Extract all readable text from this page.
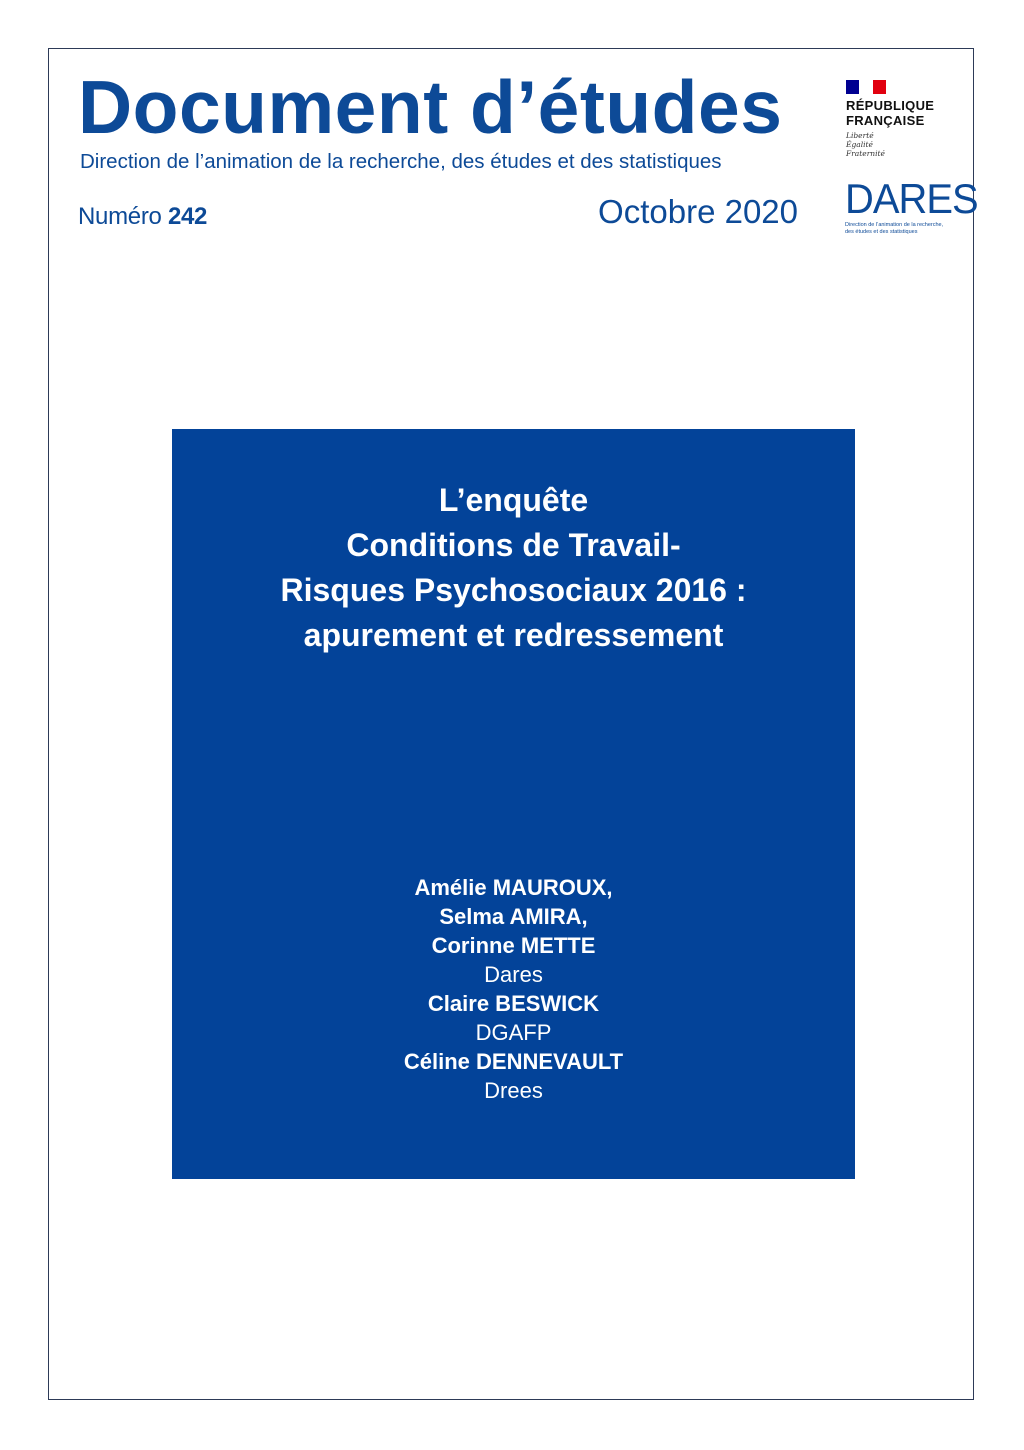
Document d’études
Direction de l’animation de la recherche, des études et des statistiques
Numéro 242	Octobre 2020
RÉPUBLIQUE
FRANÇAISE
Liberté
Égalité
Fraternité
DARES
Direction de l’animation de la recherche,
des études et des statistiques
L’enquête
Conditions de Travail-
Risques Psychosociaux 2016 :
apurement et redressement
Amélie MAUROUX,
Selma AMIRA,
Corinne METTE
Dares
Claire BESWICK
DGAFP
Céline DENNEVAULT
Drees
